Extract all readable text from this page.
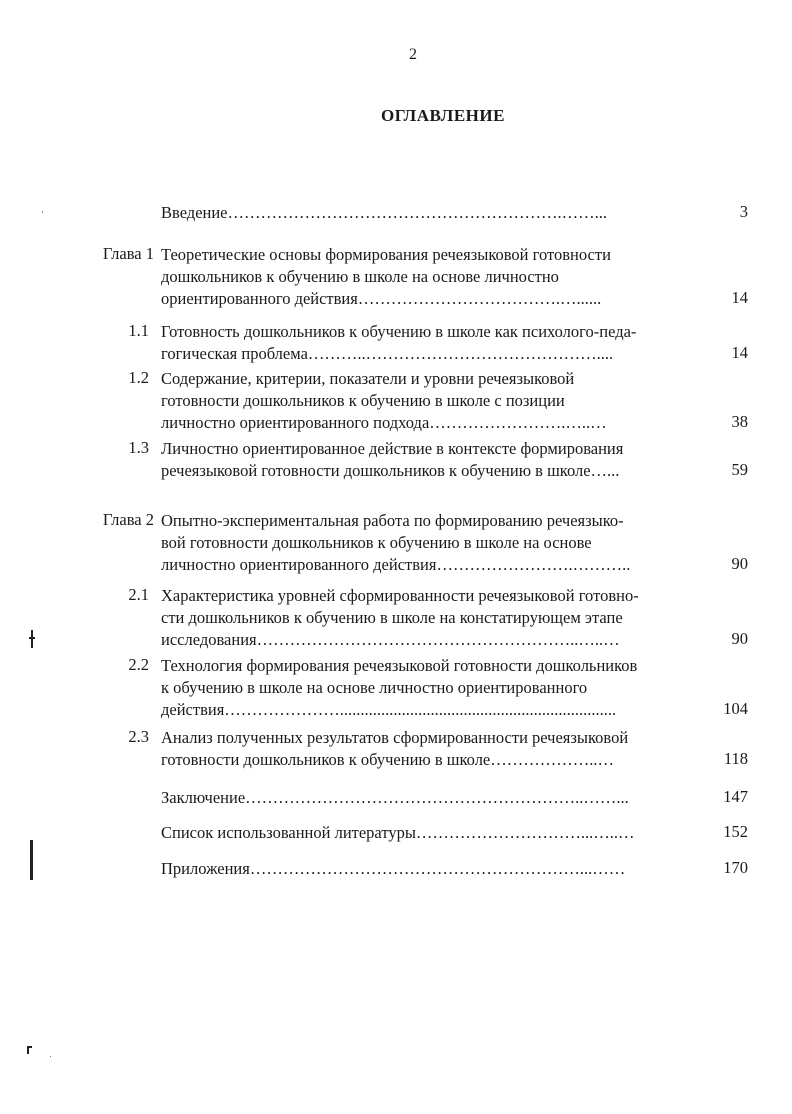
2
ОГЛАВЛЕНИЕ
Введение…………………………………………………….……...	3
Глава 1 Теоретические основы формирования речеязыковой готовности
дошкольников к обучению в школе на основе личностно
ориентированного действия……………………………….…......	14
1.1 Готовность дошкольников к обучению в школе как психолого-педа-
гогическая проблема………..……………………………………....	14
1.2 Содержание, критерии, показатели и уровни речеязыковой
готовности дошкольников к обучению в школе с позиции
личностно ориентированного подхода…………………….…..…	38
1.3 Личностно ориентированное действие в контексте формирования
речеязыковой готовности дошкольников к обучению в школе…...	59
Глава 2 Опытно-экспериментальная работа по формированию речеязыко-
вой готовности дошкольников к обучению в школе на основе
личностно ориентированного действия…………………….………..	90
2.1 Характеристика уровней сформированности речеязыковой готовно-
сти дошкольников к обучению в школе на констатирующем этапе
исследования…………………………………………………..…..…	90
2.2 Технология формирования речеязыковой готовности дошкольников
к обучению в школе на основе личностно ориентированного
действия…………………...................................................................	104
2.3 Анализ полученных результатов сформированности речеязыковой
готовности дошкольников к обучению в школе………………..…	118
Заключение……………………………………………………..……...	147
Список использованной литературы…………………………...…..…	152
Приложения……………………………………………………...……	170
